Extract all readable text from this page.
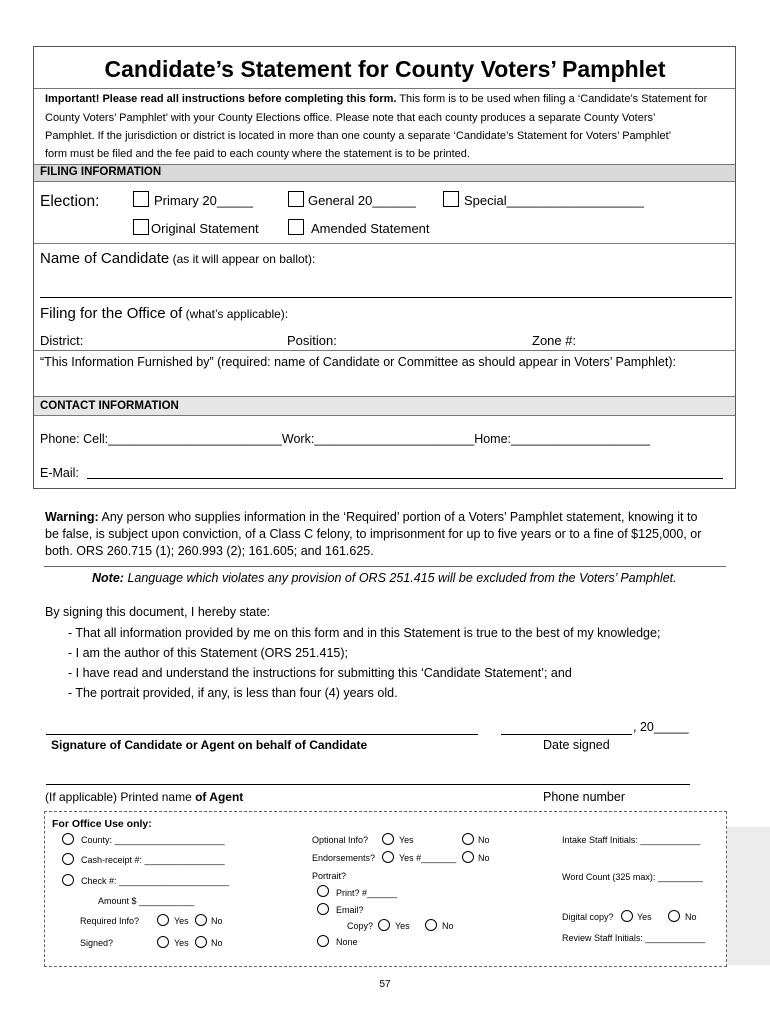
Candidate’s Statement for County Voters’ Pamphlet
Important! Please read all instructions before completing this form. This form is to be used when filing a ‘Candidate’s Statement for
County Voters’ Pamphlet’ with your County Elections office. Please note that each county produces a separate County Voters’
Pamphlet. If the jurisdiction or district is located in more than one county a separate ‘Candidate’s Statement for Voters’ Pamphlet’
form must be filed and the fee paid to each county where the statement is to be printed.
FILING INFORMATION
Election:	Primary 20_____	General 20______	Special___________________
Original Statement	Amended Statement
Name of Candidate (as it will appear on ballot):
Filing for the Office of (what’s applicable):
District:	Position:	Zone #:
“This Information Furnished by” (required: name of Candidate or Committee as should appear in Voters’ Pamphlet):
CONTACT INFORMATION
Phone: Cell:_________________________Work:_______________________Home:____________________
E-Mail:
Warning: Any person who supplies information in the ‘Required’ portion of a Voters’ Pamphlet statement, knowing it to
be false, is subject upon conviction, of a Class C felony, to imprisonment for up to five years or to a fine of $125,000, or
both. ORS 260.715 (1); 260.993 (2); 161.605; and 161.625.
Note: Language which violates any provision of ORS 251.415 will be excluded from the Voters’ Pamphlet.
By signing this document, I hereby state:
- That all information provided by me on this form and in this Statement is true to the best of my knowledge;
- I am the author of this Statement (ORS 251.415);
- I have read and understand the instructions for submitting this ‘Candidate Statement’; and
- The portrait provided, if any, is less than four (4) years old.
, 20_____
Signature of Candidate or Agent on behalf of Candidate	Date signed
(If applicable) Printed name of Agent	Phone number
For Office Use only:
County: ______________________
Cash-receipt #: ________________
Check #: ______________________
Amount $ ___________
Required Info?	Yes No
Signed?	Yes No
Optional Info?	Yes	No
Endorsements?	Yes #_______ No
Portrait?
Print? #______
Email?
Copy? Yes	No
None
Intake Staff Initials: ____________
Word Count (325 max): _________
Digital copy?	Yes	No
Review Staff Initials: ____________
57
